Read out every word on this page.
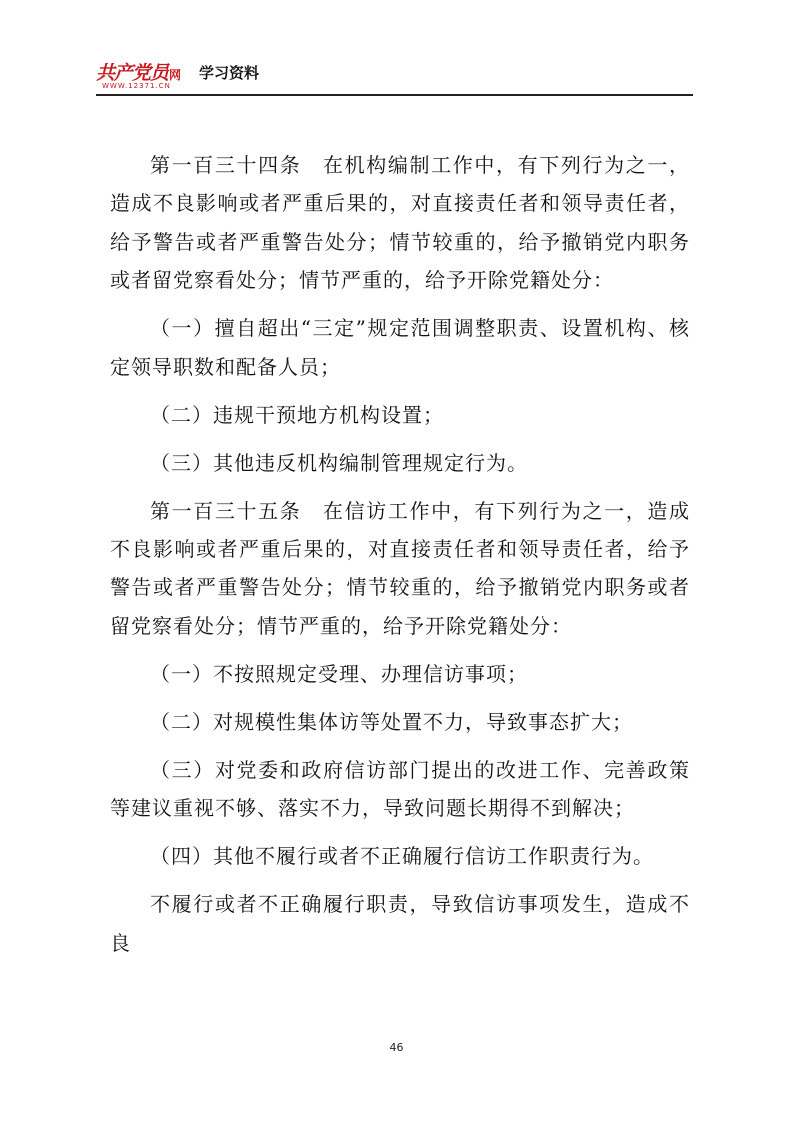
共产党员网
WWW.12371.CN
学习资料

第一百三十四条　在机构编制工作中，有下列行为之一，造成不良影响或者严重后果的，对直接责任者和领导责任者，给予警告或者严重警告处分；情节较重的，给予撤销党内职务或者留党察看处分；情节严重的，给予开除党籍处分：

（一）擅自超出“三定”规定范围调整职责、设置机构、核定领导职数和配备人员；

（二）违规干预地方机构设置；

（三）其他违反机构编制管理规定行为。

第一百三十五条　在信访工作中，有下列行为之一，造成不良影响或者严重后果的，对直接责任者和领导责任者，给予警告或者严重警告处分；情节较重的，给予撤销党内职务或者留党察看处分；情节严重的，给予开除党籍处分：

（一）不按照规定受理、办理信访事项；

（二）对规模性集体访等处置不力，导致事态扩大；

（三）对党委和政府信访部门提出的改进工作、完善政策等建议重视不够、落实不力，导致问题长期得不到解决；

（四）其他不履行或者不正确履行信访工作职责行为。

不履行或者不正确履行职责，导致信访事项发生，造成不良

46
